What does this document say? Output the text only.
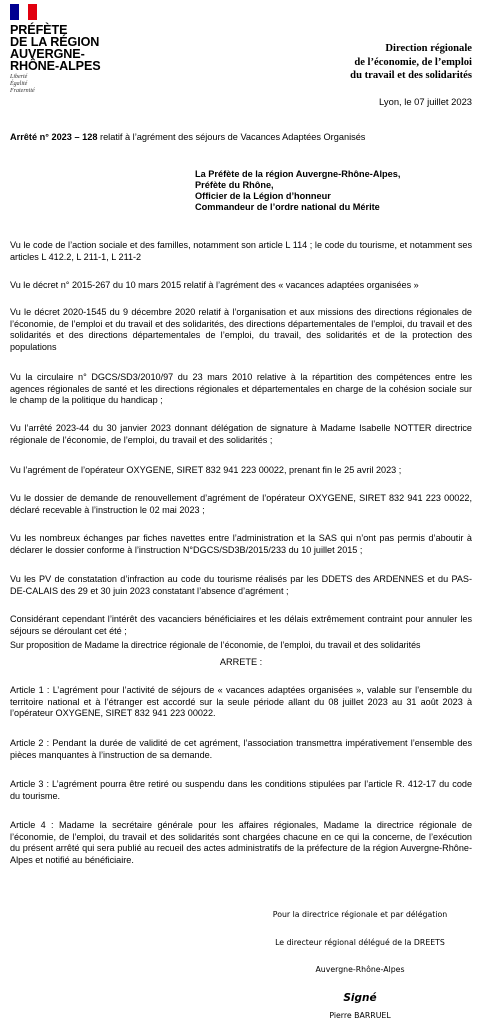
PRÉFÈTE
DE LA RÉGION
AUVERGNE-
RHÔNE-ALPES
Liberté
Égalité
Fraternité
Direction régionale
de l’économie, de l’emploi
du travail et des solidarités
Lyon, le 07 juillet 2023
Arrêté n° 2023 – 128 relatif à l’agrément des séjours de Vacances Adaptées Organisés
La Préfète de la région Auvergne-Rhône-Alpes,
Préfète du Rhône,
Officier de la Légion d’honneur
Commandeur de l’ordre national du Mérite
Vu le code de l’action sociale et des familles, notamment son article L 114 ; le code du tourisme, et notamment ses articles L 412.2, L 211-1, L 211-2
Vu le décret n° 2015-267 du 10 mars 2015 relatif à l’agrément des « vacances adaptées organisées »
Vu le décret 2020-1545 du 9 décembre 2020 relatif à l’organisation et aux missions des directions régionales de l’économie, de l’emploi et du travail et des solidarités, des directions départementales de l’emploi, du travail et des solidarités et des directions départementales de l’emploi, du travail, des solidarités et de la protection des populations
Vu la circulaire n° DGCS/SD3/2010/97 du 23 mars 2010 relative à la répartition des compétences entre les agences régionales de santé et les directions régionales et départementales en charge de la cohésion sociale sur le champ de la politique du handicap ;
Vu l’arrêté 2023-44 du 30 janvier 2023 donnant délégation de signature à Madame Isabelle NOTTER directrice régionale de l’économie, de l’emploi, du travail et des solidarités ;
Vu l’agrément de l’opérateur OXYGENE, SIRET 832 941 223 00022, prenant fin le 25 avril 2023 ;
Vu le dossier de demande de renouvellement d’agrément de l’opérateur OXYGENE, SIRET 832 941 223 00022, déclaré recevable à l’instruction le 02 mai 2023 ;
Vu les nombreux échanges par fiches navettes entre l’administration et la SAS qui n’ont pas permis d’aboutir à déclarer le dossier conforme à l’instruction N°DGCS/SD3B/2015/233 du 10 juillet 2015 ;
Vu les PV de constatation d’infraction au code du tourisme réalisés par les DDETS des ARDENNES et du PAS-DE-CALAIS des 29 et 30 juin 2023 constatant l’absence d’agrément ;
Considérant cependant l’intérêt des vacanciers bénéficiaires et les délais extrêmement contraint pour annuler les séjours se déroulant cet été ;
Sur proposition de Madame la directrice régionale de l’économie, de l’emploi, du travail et des solidarités
ARRETE :
Article 1 : L’agrément pour l’activité de séjours de « vacances adaptées organisées », valable sur l’ensemble du territoire national et à l’étranger est accordé sur la seule période allant du 08 juillet 2023 au 31 août 2023 à l’opérateur OXYGENE, SIRET 832 941 223 00022.
Article 2 : Pendant la durée de validité de cet agrément, l’association transmettra impérativement l’ensemble des pièces manquantes à l’instruction de sa demande.
Article 3 : L’agrément pourra être retiré ou suspendu dans les conditions stipulées par l’article R. 412-17 du code du tourisme.
Article 4 : Madame la secrétaire générale pour les affaires régionales, Madame la directrice régionale de l’économie, de l’emploi, du travail et des solidarités sont chargées chacune en ce qui la concerne, de l’exécution du présent arrêté qui sera publié au recueil des actes administratifs de la préfecture de la région Auvergne-Rhône-Alpes et notifié au bénéficiaire.
Pour la directrice régionale et par délégation
Le directeur régional délégué de la DREETS
Auvergne-Rhône-Alpes
Signé
Pierre BARRUEL
